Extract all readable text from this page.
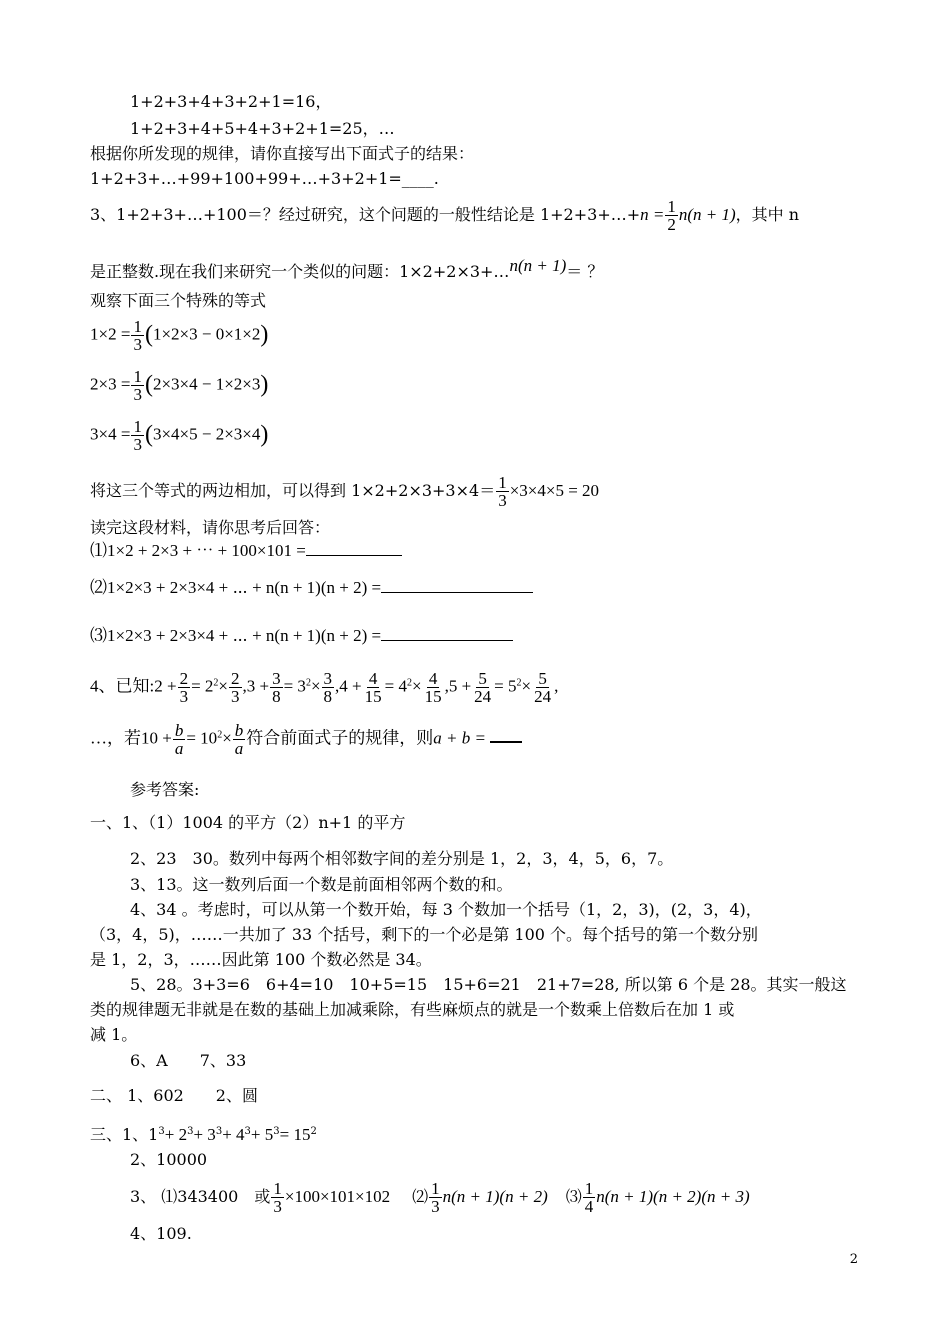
1+2+3+4+3+2+1=16，
1+2+3+4+5+4+3+2+1=25，…
根据你所发现的规律，请你直接写出下面式子的结果：
1+2+3+…+99+100+99+…+3+2+1=____.
3、1+2+3+…+100＝？经过研究，这个问题的一般性结论是 1+2+3+…+n = $\frac{1}{2} n(n + 1)$，其中 n
是正整数.现在我们来研究一个类似的问题：1×2+2×3+…n(n + 1)＝ ？
观察下面三个特殊的等式
$1\times 2 = \frac{1}{3} (1\times 2\times 3 - 0\times 1\times 2)$
$2\times 3 = \frac{1}{3} (2\times 3\times 4 - 1\times 2\times 3)$
$3\times 4 = \frac{1}{3} (3\times 4\times 5 - 2\times 3\times 4)$
将这三个等式的两边相加，可以得到 $1\times 2+2\times 3+3\times 4= \frac{1}{3} \times 3\times 4\times 5 = 20$
读完这段材料，请你思考后回答：
⑴1×2 + 2×3 + ⋯ + 100×101 =
⑵1×2×3 + 2×3×4 + ⋯ + n(n + 1)(n + 2) =
⑶1×2×3 + 2×3×4 + ⋯ + n(n + 1)(n + 2) =
4、已知:2 + $\frac{2}{3} = 2^2\times \frac{2}{3} ,3 + \frac{3}{8} = 3^2\times \frac{3}{8} ,4 + \frac{4}{15} = 4^2\times \frac{4}{15} ,5 + \frac{5}{24} = 5^2\times \frac{5}{24}$ ,
…，若$10 + \frac{b}{a} = 10^2\times \frac{b}{a}$ 符合前面式子的规律，则a + b =
参考答案:
一、1、（1）1004 的平方（2）n+1 的平方
2、23　30。数列中每两个相邻数字间的差分别是 1，2，3，4，5，6，7。
3、13。这一数列后面一个数是前面相邻两个数的和。
4、34 。考虑时，可以从第一个数开始，每 3 个数加一个括号（1，2，3)，(2，3，4)，
（3，4，5)，……一共加了 33 个括号，剩下的一个必是第 100 个。每个括号的第一个数分别
是 1，2，3，……因此第 100 个数必然是 34。
5、28。3+3=6　6+4=10　10+5=15　15+6=21　21+7=28, 所以第 6 个是 28。其实一般这
类的规律题无非就是在数的基础上加减乘除，有些麻烦点的就是一个数乘上倍数后在加 1 或
减 1。
6、A　　7、33
二、 1、602　　2、圆
三、1、$1^3+ 2^3+ 3^3+ 4^3+ 5^3= 15^2$
2、10000
3、 ⑴343400　或 $\frac{1}{3} \times 100\times 101\times 102$ ⑵ $\frac{1}{3} n(n + 1)(n + 2)$ ⑶ $\frac{1}{4} n(n + 1)(n + 2)(n + 3)$
4、109.
2
